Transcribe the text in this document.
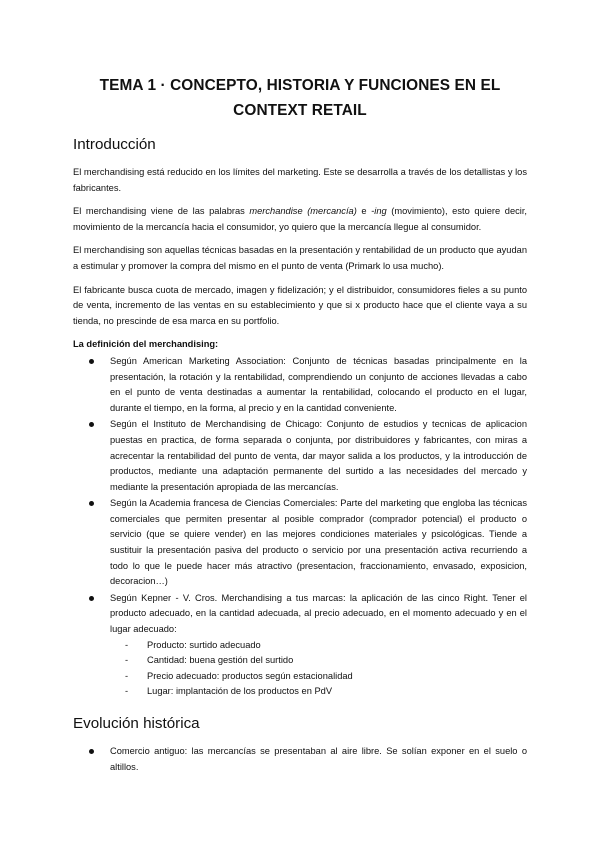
TEMA 1 · CONCEPTO, HISTORIA Y FUNCIONES EN EL CONTEXT RETAIL
Introducción

El merchandising está reducido en los límites del marketing. Este se desarrolla a través de los detallistas y los fabricantes.

El merchandising viene de las palabras merchandise (mercancía) e -ing (movimiento), esto quiere decir, movimiento de la mercancía hacia el consumidor, yo quiero que la mercancía llegue al consumidor.

El merchandising son aquellas técnicas basadas en la presentación y rentabilidad de un producto que ayudan a estimular y promover la compra del mismo en el punto de venta (Primark lo usa mucho).

El fabricante busca cuota de mercado, imagen y fidelización; y el distribuidor, consumidores fieles a su punto de venta, incremento de las ventas en su establecimiento y que si x producto hace que el cliente vaya a su tienda, no prescinde de esa marca en su portfolio.

La definición del merchandising:
Según American Marketing Association: Conjunto de técnicas basadas principalmente en la presentación, la rotación y la rentabilidad, comprendiendo un conjunto de acciones llevadas a cabo en el punto de venta destinadas a aumentar la rentabilidad, colocando el producto en el lugar, durante el tiempo, en la forma, al precio y en la cantidad conveniente.
Según el Instituto de Merchandising de Chicago: Conjunto de estudios y tecnicas de aplicacion puestas en practica, de forma separada o conjunta, por distribuidores y fabricantes, con miras a acrecentar la rentabilidad del punto de venta, dar mayor salida a los productos, y la introducción de productos, mediante una adaptación permanente del surtido a las necesidades del mercado y mediante la presentación apropiada de las mercancías.
Según la Academia francesa de Ciencias Comerciales: Parte del marketing que engloba las técnicas comerciales que permiten presentar al posible comprador (comprador potencial) el producto o servicio (que se quiere vender) en las mejores condiciones materiales y psicológicas. Tiende a sustituir la presentación pasiva del producto o servicio por una presentación activa recurriendo a todo lo que le puede hacer más atractivo (presentacion, fraccionamiento, envasado, exposicion, decoracion…)
Según Kepner - V. Cros. Merchandising a tus marcas: la aplicación de las cinco Right. Tener el producto adecuado, en la cantidad adecuada, al precio adecuado, en el momento adecuado y en el lugar adecuado:
- Producto: surtido adecuado
- Cantidad: buena gestión del surtido
- Precio adecuado: productos según estacionalidad
- Lugar: implantación de los productos en PdV
Evolución histórica
Comercio antiguo: las mercancías se presentaban al aire libre. Se solían exponer en el suelo o altillos.
